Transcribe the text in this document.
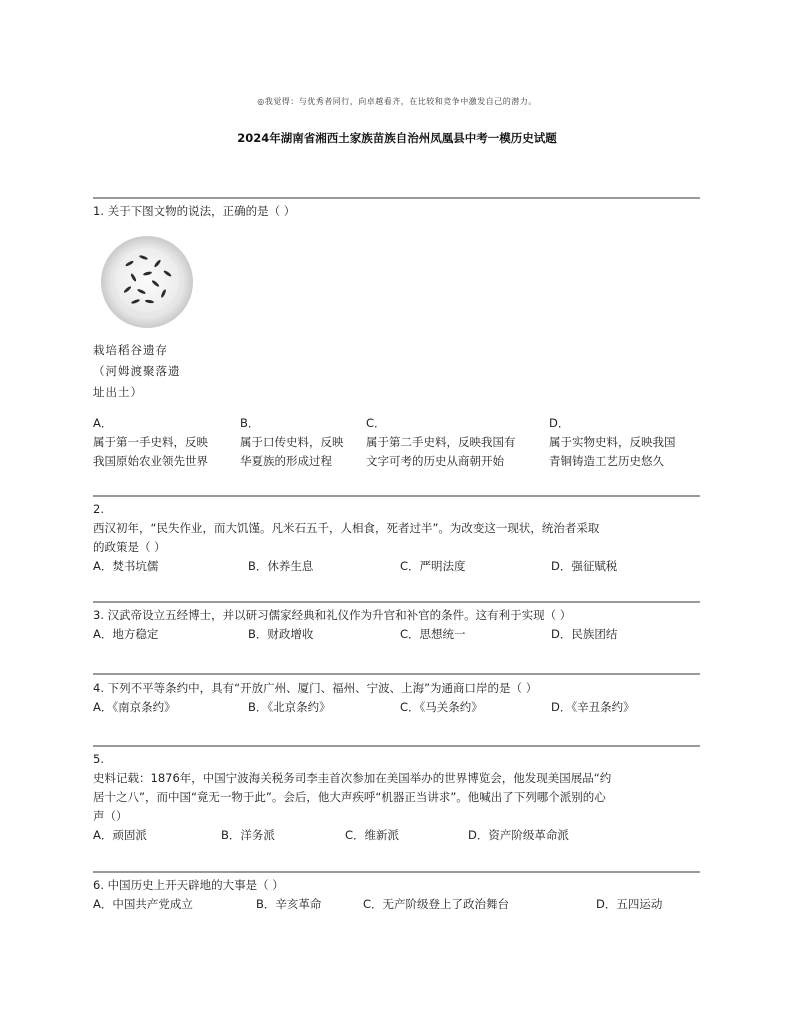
◎我觉得：与优秀者同行，向卓越看齐，在比较和竞争中激发自己的潜力。
2024年湖南省湘西土家族苗族自治州凤凰县中考一模历史试题
1. 关于下图文物的说法，正确的是（ ）
栽培稻谷遗存
（河姆渡聚落遗
址出土）
A．
属于第一手史料，反映
我国原始农业领先世界
B．
属于口传史料，反映
华夏族的形成过程
C．
属于第二手史料，反映我国有
文字可考的历史从商朝开始
D．
属于实物史料，反映我国
青铜铸造工艺历史悠久
2.
西汉初年，“民失作业，而大饥馑。凡米石五千，人相食，死者过半”。为改变这一现状，统治者采取
的政策是（ ）
A．焚书坑儒	B．休养生息	C．严明法度	D．强征赋税
3. 汉武帝设立五经博士，并以研习儒家经典和礼仪作为升官和补官的条件。这有利于实现（ ）
A．地方稳定	B．财政增收	C．思想统一	D．民族团结
4. 下列不平等条约中，具有“开放广州、厦门、福州、宁波、上海”为通商口岸的是（ ）
A．《南京条约》	B．《北京条约》	C．《马关条约》	D．《辛丑条约》
5.
史料记载：1876年，中国宁波海关税务司李圭首次参加在美国举办的世界博览会，他发现美国展品“约
居十之八”，而中国“竟无一物于此”。会后，他大声疾呼“机器正当讲求”。他喊出了下列哪个派别的心
声（）
A．顽固派	B．洋务派	C．维新派	D．资产阶级革命派
6. 中国历史上开天辟地的大事是（ ）
A．中国共产党成立	B．辛亥革命	C．无产阶级登上了政治舞台	D．五四运动
